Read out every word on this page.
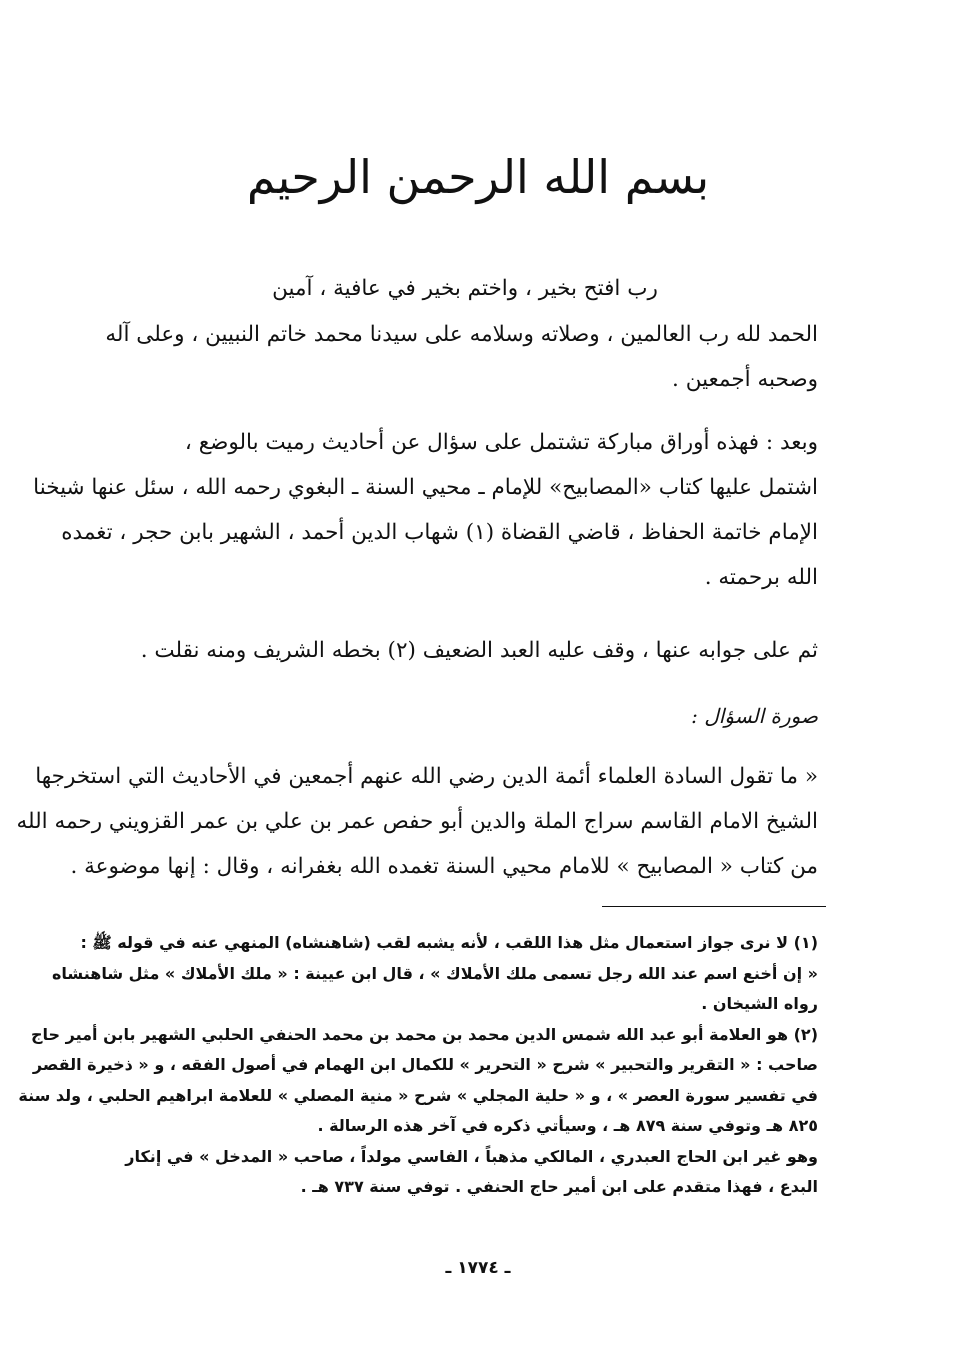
بسم الله الرحمن الرحيم
رب افتح بخير ، واختم بخير في عافية ، آمين
الحمد لله رب العالمين ، وصلاته وسلامه على سيدنا محمد خاتم النبيين ، وعلى آله
وصحبه أجمعين .
وبعد : فهذه أوراق مباركة تشتمل على سؤال عن أحاديث رميت بالوضع ،
اشتمل عليها كتاب «المصابيح» للإمام ـ محيي السنة ـ البغوي رحمه الله ، سئل عنها شيخنا
الإمام خاتمة الحفاظ ، قاضي القضاة (١) شهاب الدين أحمد ، الشهير بابن حجر ، تغمده
الله برحمته .
ثم على جوابه عنها ، وقف عليه العبد الضعيف (٢) بخطه الشريف ومنه نقلت .
صورة السؤال :
« ما تقول السادة العلماء أئمة الدين رضي الله عنهم أجمعين في الأحاديث التي استخرجها
الشيخ الامام القاسم سراج الملة والدين أبو حفص عمر بن علي بن عمر القزويني رحمه الله
من كتاب « المصابيح » للامام محيي السنة تغمده الله بغفرانه ، وقال : إنها موضوعة .
(١) لا نرى جواز استعمال مثل هذا اللقب ، لأنه يشبه لقب (شاهنشاه) المنهي عنه في قوله ﷺ :
« إن أخنع اسم عند الله رجل تسمى ملك الأملاك » ، قال ابن عيينة : « ملك الأملاك » مثل شاهنشاه
رواه الشيخان .
(٢) هو العلامة أبو عبد الله شمس الدين محمد بن محمد بن محمد الحنفي الحلبي الشهير بابن أمير حاج
صاحب : « التقرير والتحبير » شرح « التحرير » للكمال ابن الهمام في أصول الفقه ، و « ذخيرة القصر
في تفسير سورة العصر » ، و « حلية المجلي » شرح « منية المصلي » للعلامة ابراهيم الحلبي ، ولد سنة
٨٢٥ هـ وتوفي سنة ٨٧٩ هـ ، وسيأتي ذكره في آخر هذه الرسالة .
وهو غير ابن الحاج العبدري ، المالكي مذهباً ، الفاسي مولداً ، صاحب « المدخل » في إنكار
البدع ، فهذا متقدم على ابن أمير حاج الحنفي . توفي سنة ٧٣٧ هـ .
ـ ١٧٧٤ ـ
